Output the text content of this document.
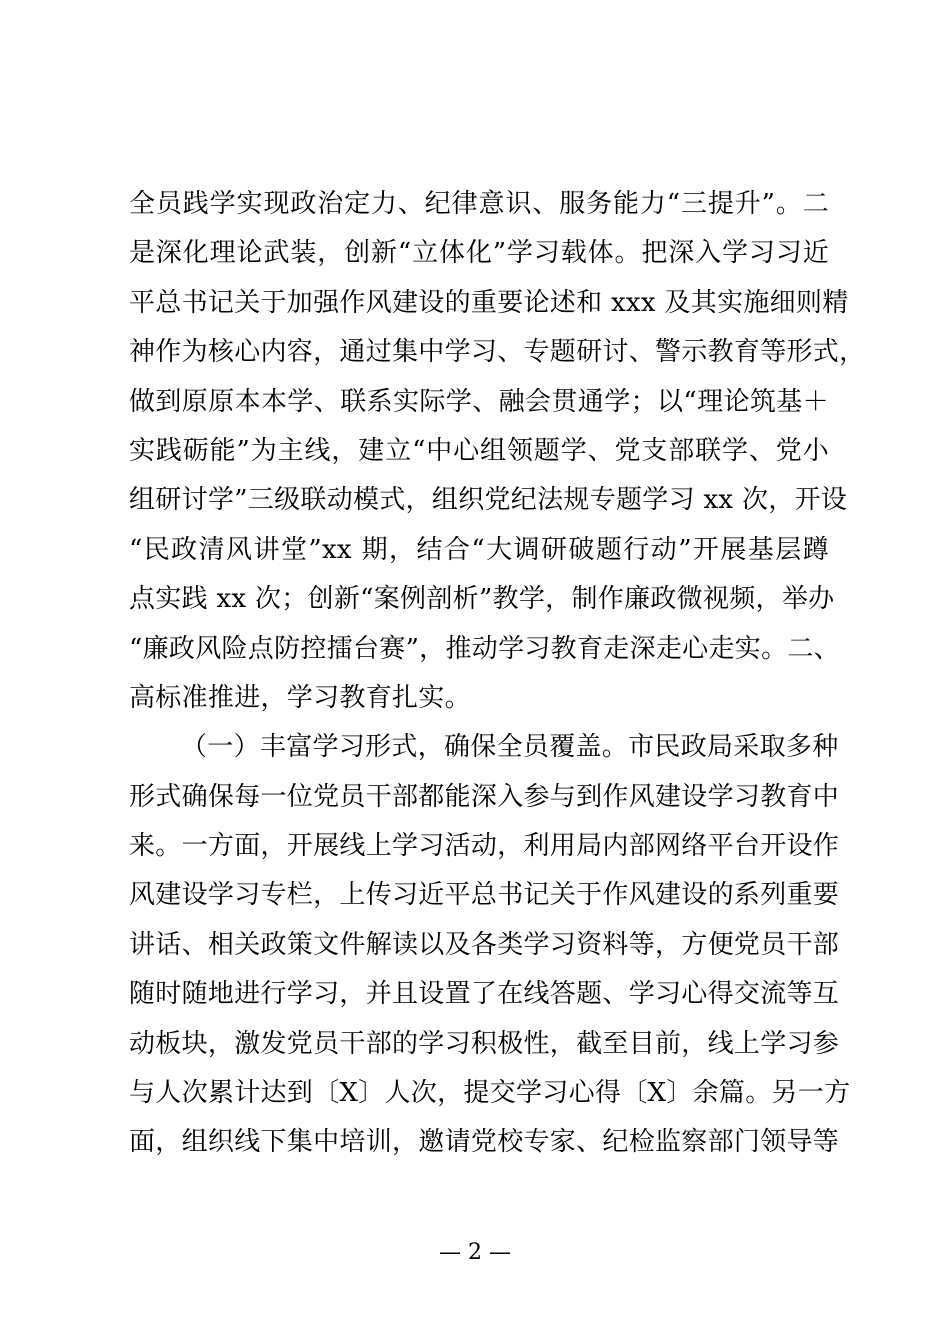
全员践学实现政治定力、纪律意识、服务能力“三提升”。二
是深化理论武装，创新“立体化”学习载体。把深入学习习近
平总书记关于加强作风建设的重要论述和 xxx 及其实施细则精
神作为核心内容，通过集中学习、专题研讨、警示教育等形式，
做到原原本本学、联系实际学、融会贯通学；以“理论筑基＋
实践砺能”为主线，建立“中心组领题学、党支部联学、党小
组研讨学”三级联动模式，组织党纪法规专题学习 xx 次，开设
“民政清风讲堂”xx 期，结合“大调研破题行动”开展基层蹲
点实践 xx 次；创新“案例剖析”教学，制作廉政微视频，举办
“廉政风险点防控擂台赛”，推动学习教育走深走心走实。二、
高标准推进，学习教育扎实。
（一）丰富学习形式，确保全员覆盖。市民政局采取多种
形式确保每一位党员干部都能深入参与到作风建设学习教育中
来。一方面，开展线上学习活动，利用局内部网络平台开设作
风建设学习专栏，上传习近平总书记关于作风建设的系列重要
讲话、相关政策文件解读以及各类学习资料等，方便党员干部
随时随地进行学习，并且设置了在线答题、学习心得交流等互
动板块，激发党员干部的学习积极性，截至目前，线上学习参
与人次累计达到〔X〕人次，提交学习心得〔X〕余篇。另一方
面，组织线下集中培训，邀请党校专家、纪检监察部门领导等
— 2 —
